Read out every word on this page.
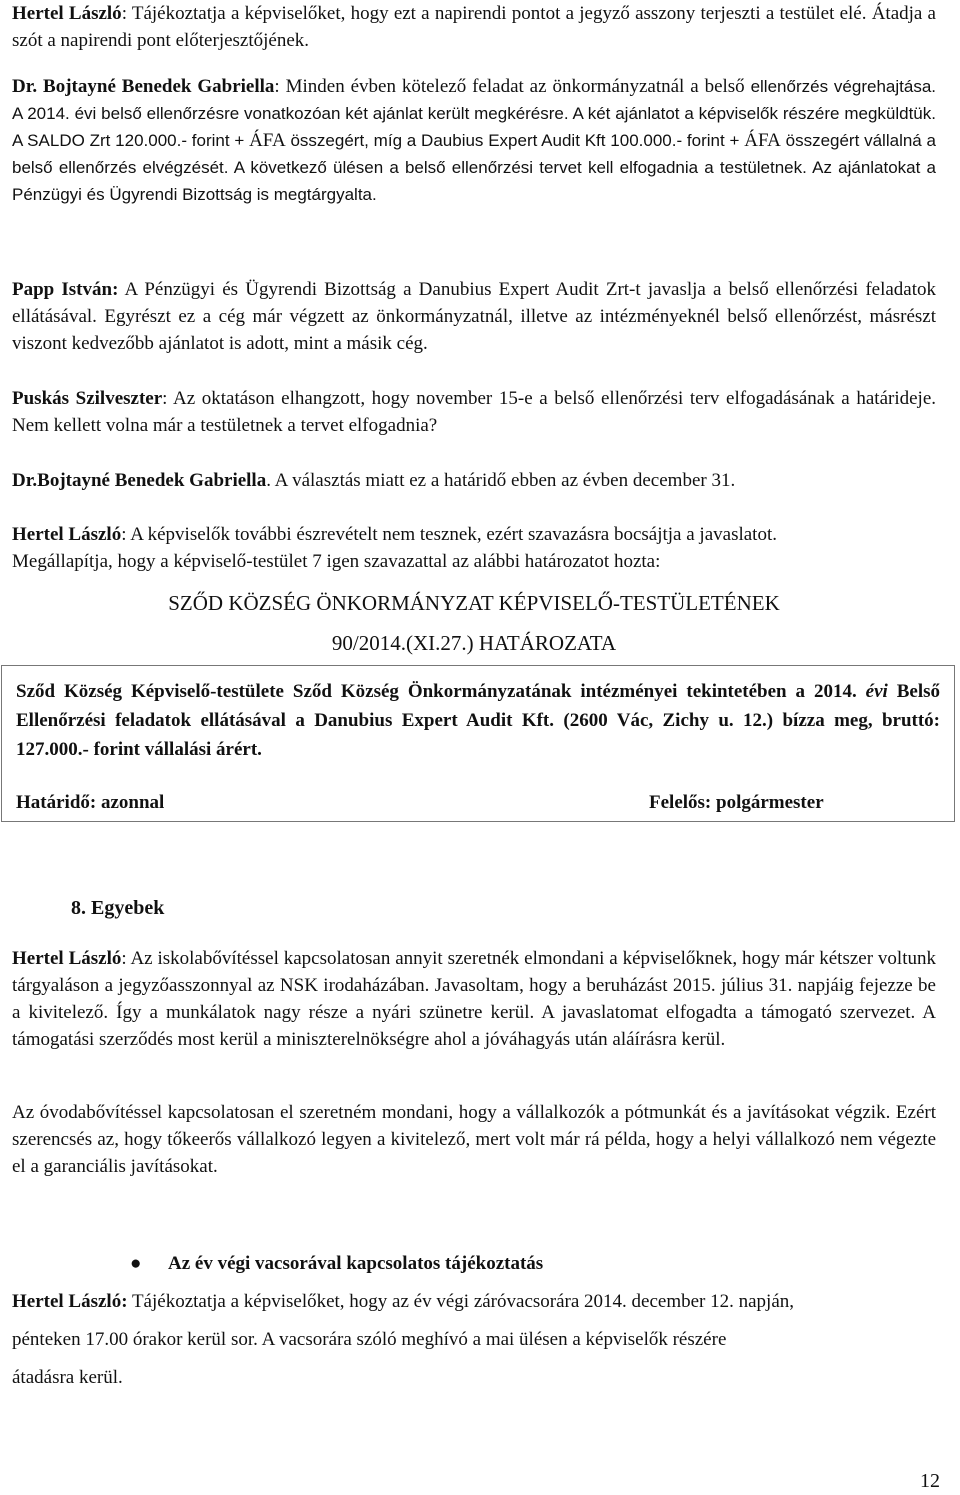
Hertel László: Tájékoztatja a képviselőket, hogy ezt a napirendi pontot a jegyző asszony terjeszti a testület elé. Átadja a szót a napirendi pont előterjesztőjének.

Dr. Bojtayné Benedek Gabriella: Minden évben kötelező feladat az önkormányzatnál a belső ellenőrzés végrehajtása. A 2014. évi belső ellenőrzésre vonatkozóan két ajánlat került megkérésre. A két ajánlatot a képviselők részére megküldtük. A SALDO Zrt 120.000.- forint + ÁFA összegért, míg a Daubius Expert Audit Kft 100.000.- forint + ÁFA összegért vállalná a belső ellenőrzés elvégzését. A következő ülésen a belső ellenőrzési tervet kell elfogadnia a testületnek. Az ajánlatokat a Pénzügyi és Ügyrendi Bizottság is megtárgyalta.

Papp István: A Pénzügyi és Ügyrendi Bizottság a Danubius Expert Audit Zrt-t javaslja a belső ellenőrzési feladatok ellátásával. Egyrészt ez a cég már végzett az önkormányzatnál, illetve az intézményeknél belső ellenőrzést, másrészt viszont kedvezőbb ajánlatot is adott, mint a másik cég.

Puskás Szilveszter: Az oktatáson elhangzott, hogy november 15-e a belső ellenőrzési terv elfogadásának a határideje. Nem kellett volna már a testületnek a tervet elfogadnia?

Dr.Bojtayné Benedek Gabriella. A választás miatt ez a határidő ebben az évben december 31.

Hertel László: A képviselők további észrevételt nem tesznek, ezért szavazásra bocsájtja a javaslatot.
Megállapítja, hogy a képviselő-testület 7 igen szavazattal az alábbi határozatot hozta:

SZŐD KÖZSÉG ÖNKORMÁNYZAT KÉPVISELŐ-TESTÜLETÉNEK

90/2014.(XI.27.) HATÁROZATA

Sződ Község Képviselő-testülete Sződ Község Önkormányzatának intézményei tekintetében a 2014. évi Belső Ellenőrzési feladatok ellátásával a Danubius Expert Audit Kft. (2600 Vác, Zichy u. 12.) bízza meg, bruttó: 127.000.- forint vállalási árért.

Határidő: azonnal	Felelős: polgármester

8. Egyebek

Hertel László: Az iskolabővítéssel kapcsolatosan annyit szeretnék elmondani a képviselőknek, hogy már kétszer voltunk tárgyaláson a jegyzőasszonnyal az NSK irodaházában. Javasoltam, hogy a beruházást 2015. július 31. napjáig fejezze be a kivitelező. Így a munkálatok nagy része a nyári szünetre kerül. A javaslatomat elfogadta a támogató szervezet. A támogatási szerződés most kerül a miniszterelnökségre ahol a jóváhagyás után aláírásra kerül.

Az óvodabővítéssel kapcsolatosan el szeretném mondani, hogy a vállalkozók a pótmunkát és a javításokat végzik. Ezért szerencsés az, hogy tőkeerős vállalkozó legyen a kivitelező, mert volt már rá példa, hogy a helyi vállalkozó nem végezte el a garanciális javításokat.

● Az év végi vacsorával kapcsolatos tájékoztatás

Hertel László: Tájékoztatja a képviselőket, hogy az év végi záróvacsorára 2014. december 12. napján,
pénteken 17.00 órakor kerül sor. A vacsorára szóló meghívó a mai ülésen a képviselők részére
átadásra kerül.

12
